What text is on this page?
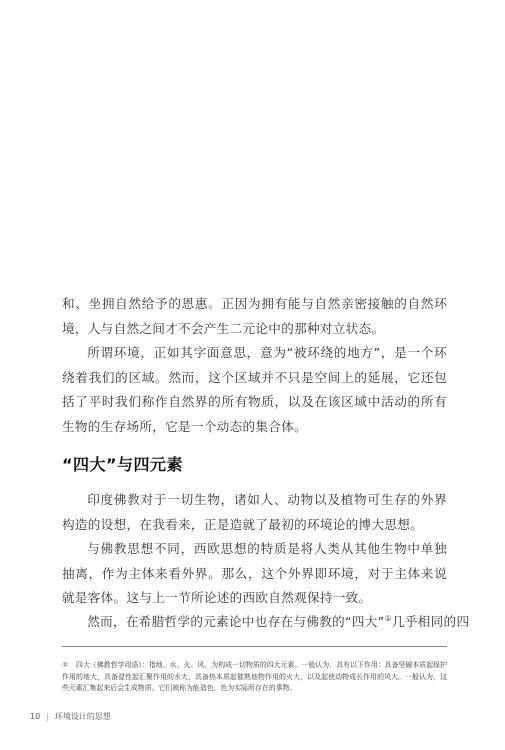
和、坐拥自然给予的恩惠。正因为拥有能与自然亲密接触的自然环境，人与自然之间才不会产生二元论中的那种对立状态。

所谓环境，正如其字面意思，意为“被环绕的地方”，是一个环绕着我们的区域。然而，这个区域并不只是空间上的延展，它还包括了平时我们称作自然界的所有物质，以及在该区域中活动的所有生物的生存场所，它是一个动态的集合体。

“四大”与四元素

印度佛教对于一切生物，诸如人、动物以及植物可生存的外界构造的设想，在我看来，正是造就了最初的环境论的博大思想。

与佛教思想不同，西欧思想的特质是将人类从其他生物中单独抽离，作为主体来看外界。那么，这个外界即环境，对于主体来说就是客体。这与上一节所论述的西欧自然观保持一致。

然而，在希腊哲学的元素论中也存在与佛教的“四大”①几乎相同的四

① 四大（佛教哲学用语）：指地、水、火、风。为构成一切物质的四大元素。一般认为，具有以下作用：具备坚硬本质起保护作用的地大，具备湿性起汇聚作用的水大，具备热本质起催熟他物作用的火大，以及起使动物成长作用的风大。一般认为，这些元素汇集起来后会生成物质。它们被称为能造色，色为实际所存在的事物。

10 | 环境设计的思想
